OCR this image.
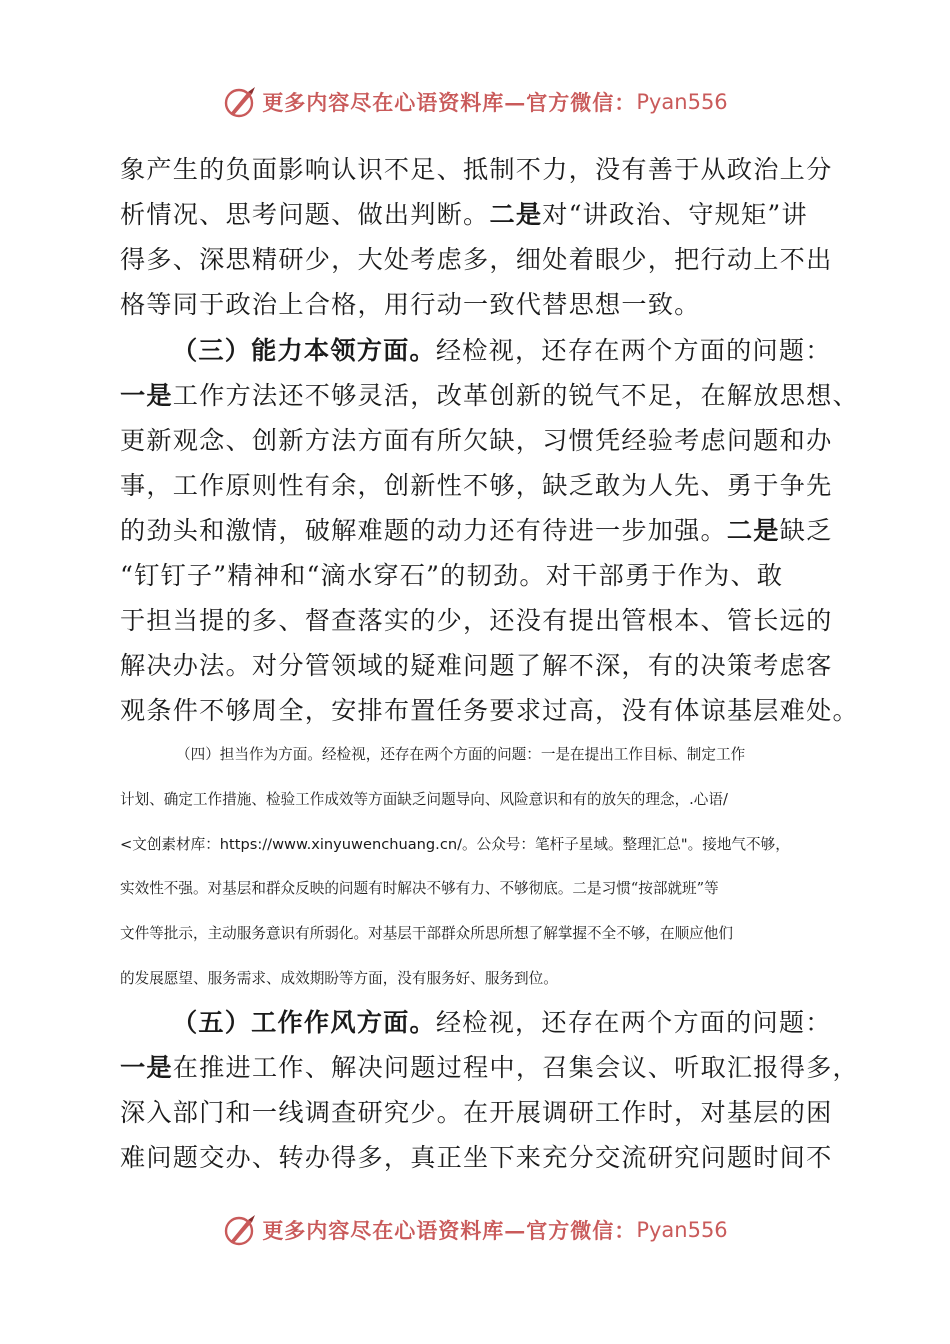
更多内容尽在心语资料库—官方微信： Pyan556
象产生的负面影响认识不足、抵制不力，没有善于从政治上分
析情况、思考问题、做出判断。二是对“讲政治、守规矩”讲
得多、深思精研少，大处考虑多，细处着眼少，把行动上不出
格等同于政治上合格，用行动一致代替思想一致。
（三）能力本领方面。经检视，还存在两个方面的问题：
一是工作方法还不够灵活，改革创新的锐气不足，在解放思想、
更新观念、创新方法方面有所欠缺，习惯凭经验考虑问题和办
事，工作原则性有余，创新性不够，缺乏敢为人先、勇于争先
的劲头和激情，破解难题的动力还有待进一步加强。二是缺乏
“钉钉子”精神和“滴水穿石”的韧劲。对干部勇于作为、敢
于担当提的多、督查落实的少，还没有提出管根本、管长远的
解决办法。对分管领域的疑难问题了解不深，有的决策考虑客
观条件不够周全，安排布置任务要求过高，没有体谅基层难处。
（四）担当作为方面。经检视，还存在两个方面的问题：一是在提出工作目标、制定工作
计划、确定工作措施、检验工作成效等方面缺乏问题导向、风险意识和有的放矢的理念，.心语/
<文创素材库：https://www.xinyuwenchuang.cn/。公众号：笔杆子星域。整理汇总"。接地气不够，
实效性不强。对基层和群众反映的问题有时解决不够有力、不够彻底。二是习惯“按部就班”等
文件等批示，主动服务意识有所弱化。对基层干部群众所思所想了解掌握不全不够，在顺应他们
的发展愿望、服务需求、成效期盼等方面，没有服务好、服务到位。
（五）工作作风方面。经检视，还存在两个方面的问题：
一是在推进工作、解决问题过程中，召集会议、听取汇报得多，
深入部门和一线调查研究少。在开展调研工作时，对基层的困
难问题交办、转办得多，真正坐下来充分交流研究问题时间不
更多内容尽在心语资料库—官方微信： Pyan556
